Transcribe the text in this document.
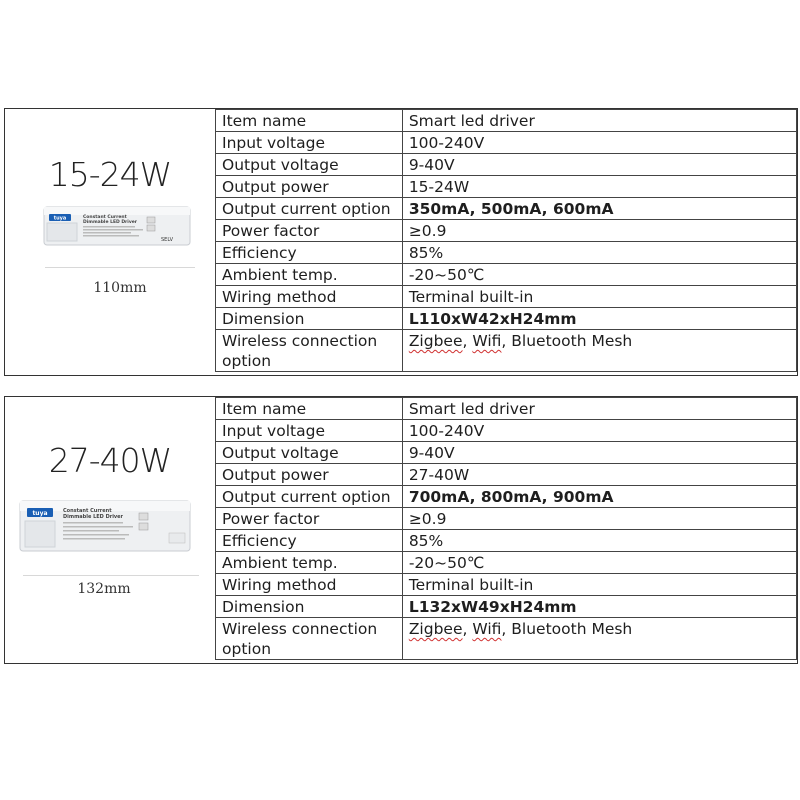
15-24W
tuya	Constant Current
Dimmable LED Driver
SELV
110mm
Item name	Smart led driver
Input voltage	100-240V
Output voltage	9-40V
Output power	15-24W
Output current option	350mA, 500mA, 600mA
Power factor	≥0.9
Efficiency	85%
Ambient temp.	-20~50℃
Wiring method	Terminal built-in
Dimension	L110xW42xH24mm
Wireless connection option	Zigbee, Wifi, Bluetooth Mesh
27-40W
tuya	Constant Current
Dimmable LED Driver
132mm
Item name	Smart led driver
Input voltage	100-240V
Output voltage	9-40V
Output power	27-40W
Output current option	700mA, 800mA, 900mA
Power factor	≥0.9
Efficiency	85%
Ambient temp.	-20~50℃
Wiring method	Terminal built-in
Dimension	L132xW49xH24mm
Wireless connection option	Zigbee, Wifi, Bluetooth Mesh
